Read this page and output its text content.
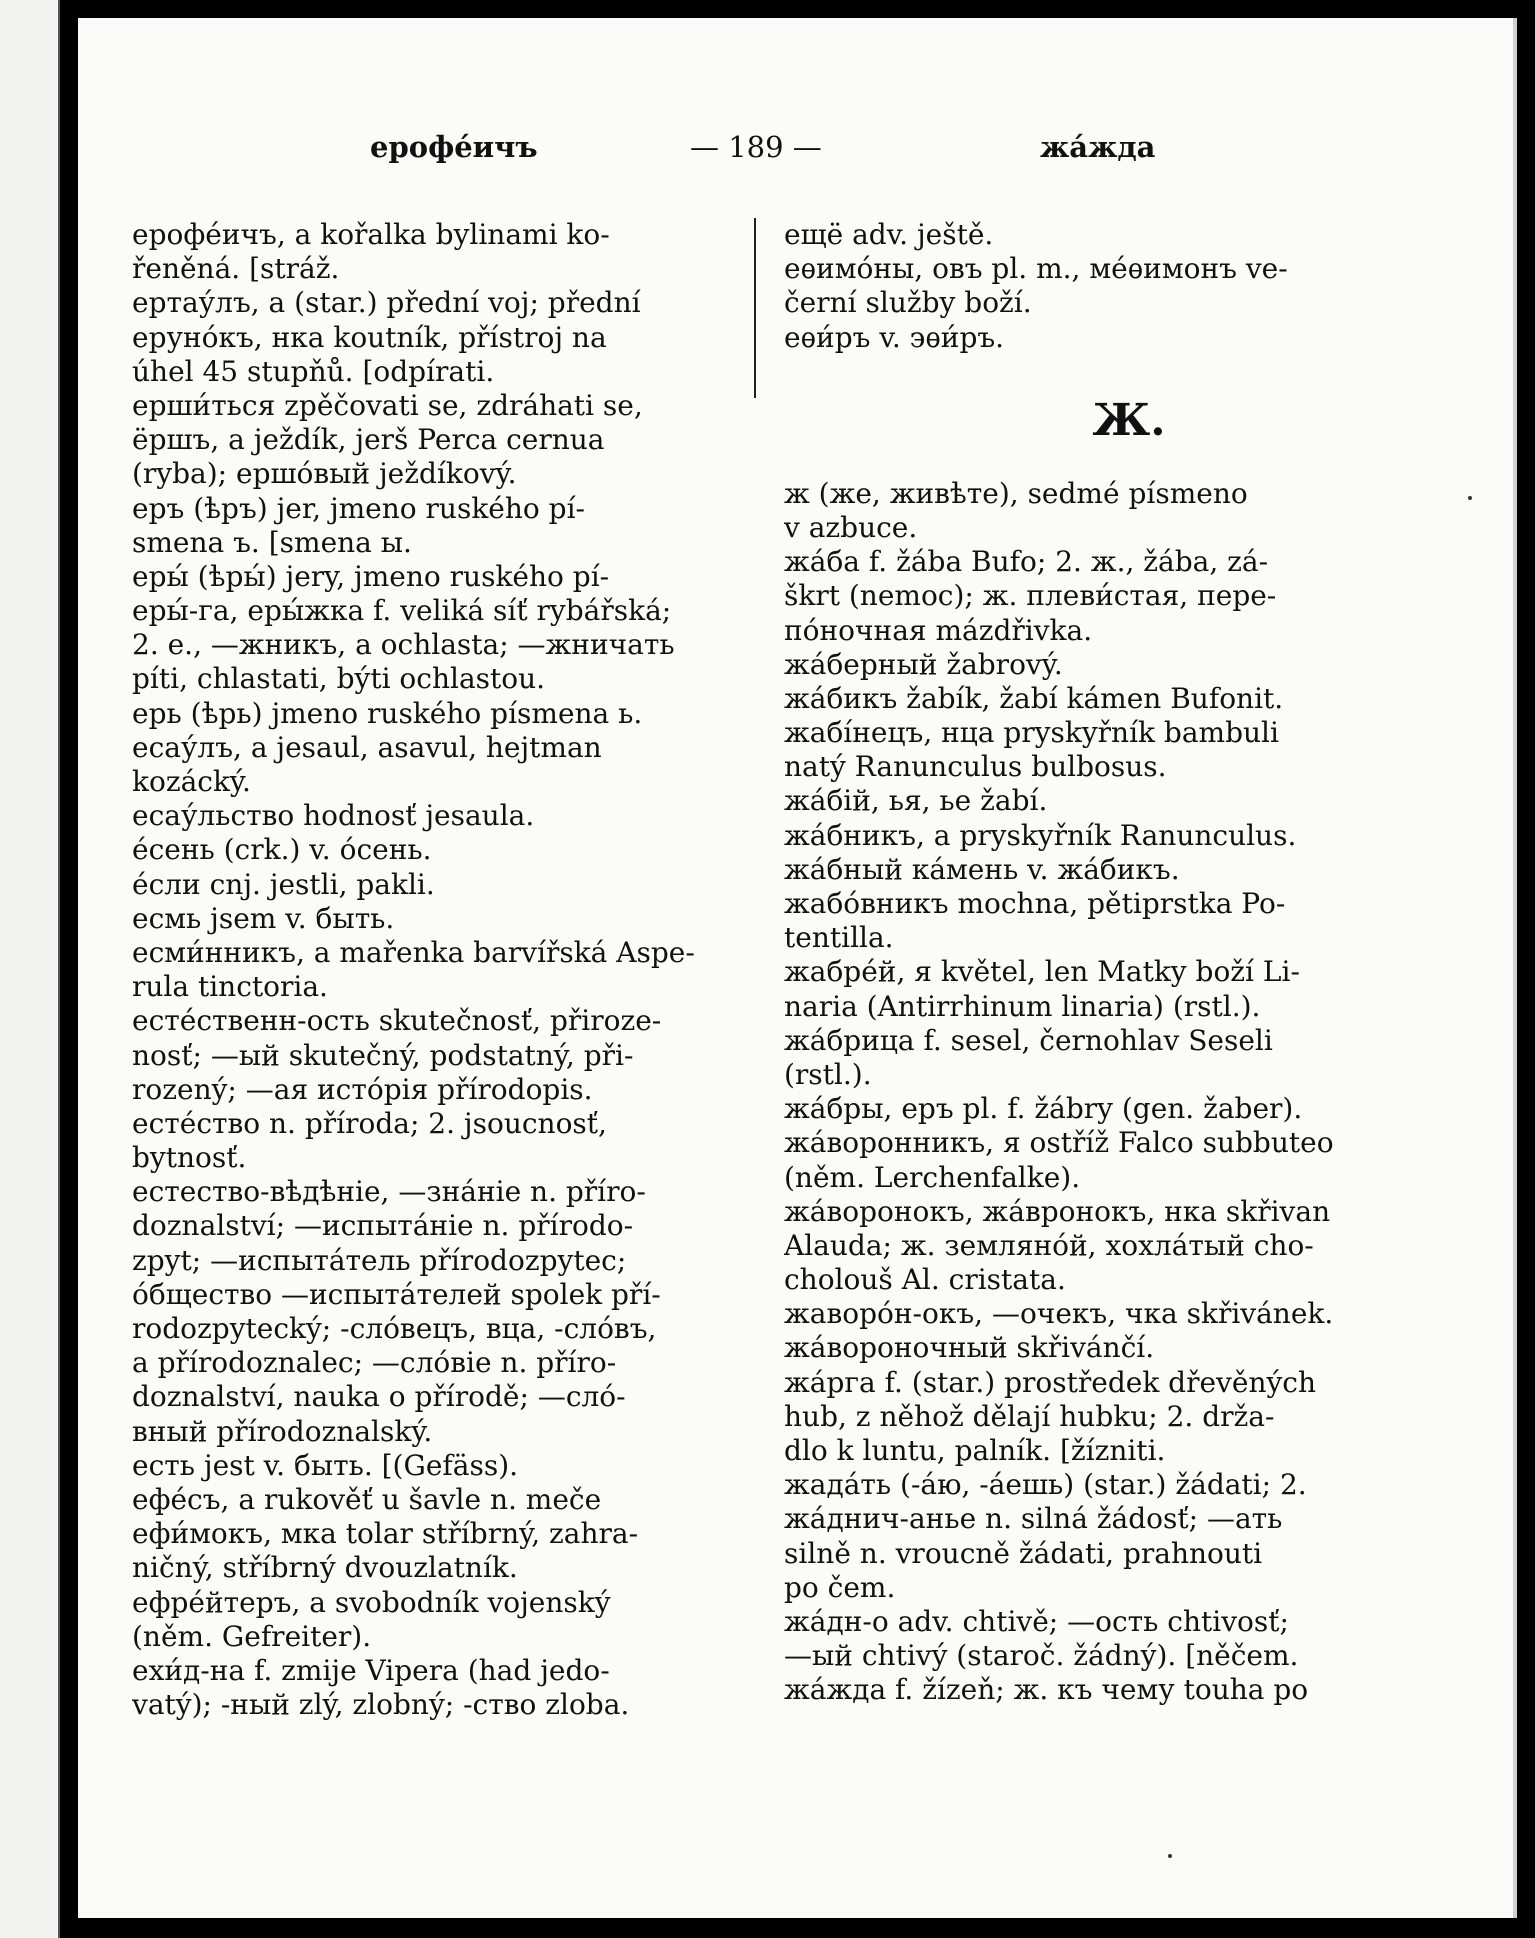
ерофе́ичъ	— 189 —	жа́жда
ерофе́ичъ, a kořalka bylinami ko-
řeněná. [stráž.
ертау́лъ, a (star.) přední voj; přední
ерунóкъ, нка koutník, přístroj na
úhel 45 stupňů. [odpírati.
ерши́ться zpěčovati se, zdráhati se,
ёршъ, a ježdík, jerš Perca cernua
(ryba); ершóвый ježdíkový.
еръ (ѣръ) jer, jmeno ruského pí-
smena ъ. [smena ы.
еры́ (ѣры́) jery, jmeno ruského pí-
еры́-га, еры́жка f. veliká síť rybářská;
2. e., —жникъ, a ochlasta; —жничать
píti, chlastati, býti ochlastou.
ерь (ѣрь) jmeno ruského písmena ь.
есау́лъ, a jesaul, asavul, hejtman
kozácký.
есау́льство hodnosť jesaula.
éсень (crk.) v. óсень.
éсли cnj. jestli, pakli.
есмь jsem v. быть.
есми́нникъ, a mařenka barvířská Aspe-
rula tinctoria.
естéственн-ость skutečnosť, přiroze-
nosť; —ый skutečný, podstatný, při-
rozený; —ая истóрія přírodopis.
естéство n. příroda; 2. jsoucnosť,
bytnosť.
естество-вѣдѣніе, —знáніе n. příro-
doznalství; —испытáніе n. přírodo-
zpyt; —испытáтель přírodozpytec;
óбщество —испытáтелей spolek pří-
rodozpytecký; -слóвецъ, вца, -слóвъ,
a přírodoznalec; —слóвіе n. příro-
doznalství, nauka o přírodě; —слó-
вный přírodoznalský.
есть jest v. быть. [(Gefäss).
ефéсъ, a rukověť u šavle n. meče
ефи́мокъ, мка tolar stříbrný, zahra-
ničný, stříbrný dvouzlatník.
ефрéйтеръ, a svobodník vojenský
(něm. Gefreiter).
ехи́д-на f. zmije Vipera (had jedo-
vatý); -ный zlý, zlobný; -ство zloba.
ещё adv. ještě.
еѳимóны, овъ pl. m., мéѳимонъ ve-
černí služby boží.
еѳи́ръ v. эѳи́ръ.
Ж.
ж (же, живѣте), sedmé písmeno
v azbuce.
жáба f. žába Bufo; 2. ж., žába, zá-
škrt (nemoc); ж. плеви́стая, пере-
пóночная mázdřivka.
жáберный žabrový.
жáбикъ žabík, žabí kámen Bufonit.
жабі́нецъ, нца pryskyřník bambuli
natý Ranunculus bulbosus.
жáбій, ья, ье žabí.
жáбникъ, a pryskyřník Ranunculus.
жáбный кáмень v. жáбикъ.
жабóвникъ mochna, pětiprstka Po-
tentilla.
жабрéй, я květel, len Matky boží Li-
naria (Antirrhinum linaria) (rstl.).
жáбрица f. sesel, černohlav Seseli
(rstl.).
жáбры, еръ pl. f. žábry (gen. žaber).
жáворонникъ, я ostříž Falco subbuteo
(něm. Lerchenfalke).
жáворонокъ, жáвронокъ, нка skřivan
Alauda; ж. землянóй, хохлáтый cho-
cholouš Al. cristata.
жаворóн-окъ, —очекъ, чка skřivánek.
жáвороночный skřivánčí.
жáрга f. (star.) prostředek dřevěných
hub, z něhož dělají hubku; 2. drža-
dlo k luntu, palník. [žízniti.
жадáть (-áю, -áешь) (star.) žádati; 2.
жáднич-анье n. silná žádosť; —ать
silně n. vroucně žádati, prahnouti
po čem.
жáдн-о adv. chtivě; —ость chtivosť;
—ый chtivý (staroč. žádný). [něčem.
жáжда f. žízeň; ж. къ чему touha po
